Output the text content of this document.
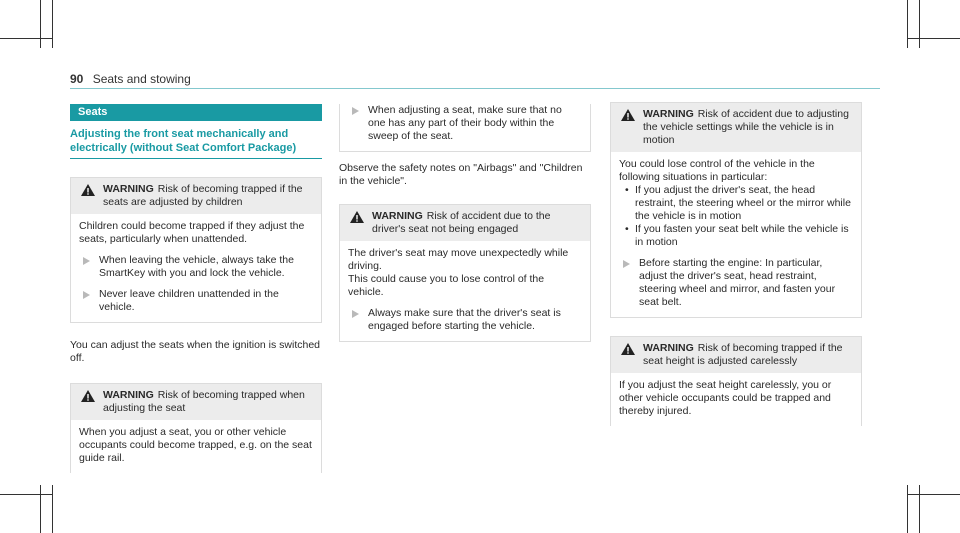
90 Seats and stowing
Seats
Adjusting the front seat mechanically and electrically (without Seat Comfort Package)
WARNING Risk of becoming trapped if the seats are adjusted by children
Children could become trapped if they adjust the seats, particularly when unattended.
When leaving the vehicle, always take the SmartKey with you and lock the vehicle.
Never leave children unattended in the vehicle.
You can adjust the seats when the ignition is switched off.
WARNING Risk of becoming trapped when adjusting the seat
When you adjust a seat, you or other vehicle occupants could become trapped, e.g. on the seat guide rail.
When adjusting a seat, make sure that no one has any part of their body within the sweep of the seat.
Observe the safety notes on "Airbags" and "Children in the vehicle".
WARNING Risk of accident due to the driver's seat not being engaged
The driver's seat may move unexpectedly while driving.
This could cause you to lose control of the vehicle.
Always make sure that the driver's seat is engaged before starting the vehicle.
WARNING Risk of accident due to adjusting the vehicle settings while the vehicle is in motion
You could lose control of the vehicle in the following situations in particular:
• If you adjust the driver's seat, the head restraint, the steering wheel or the mirror while the vehicle is in motion
• If you fasten your seat belt while the vehicle is in motion
Before starting the engine: In particular, adjust the driver's seat, head restraint, steering wheel and mirror, and fasten your seat belt.
WARNING Risk of becoming trapped if the seat height is adjusted carelessly
If you adjust the seat height carelessly, you or other vehicle occupants could be trapped and thereby injured.
